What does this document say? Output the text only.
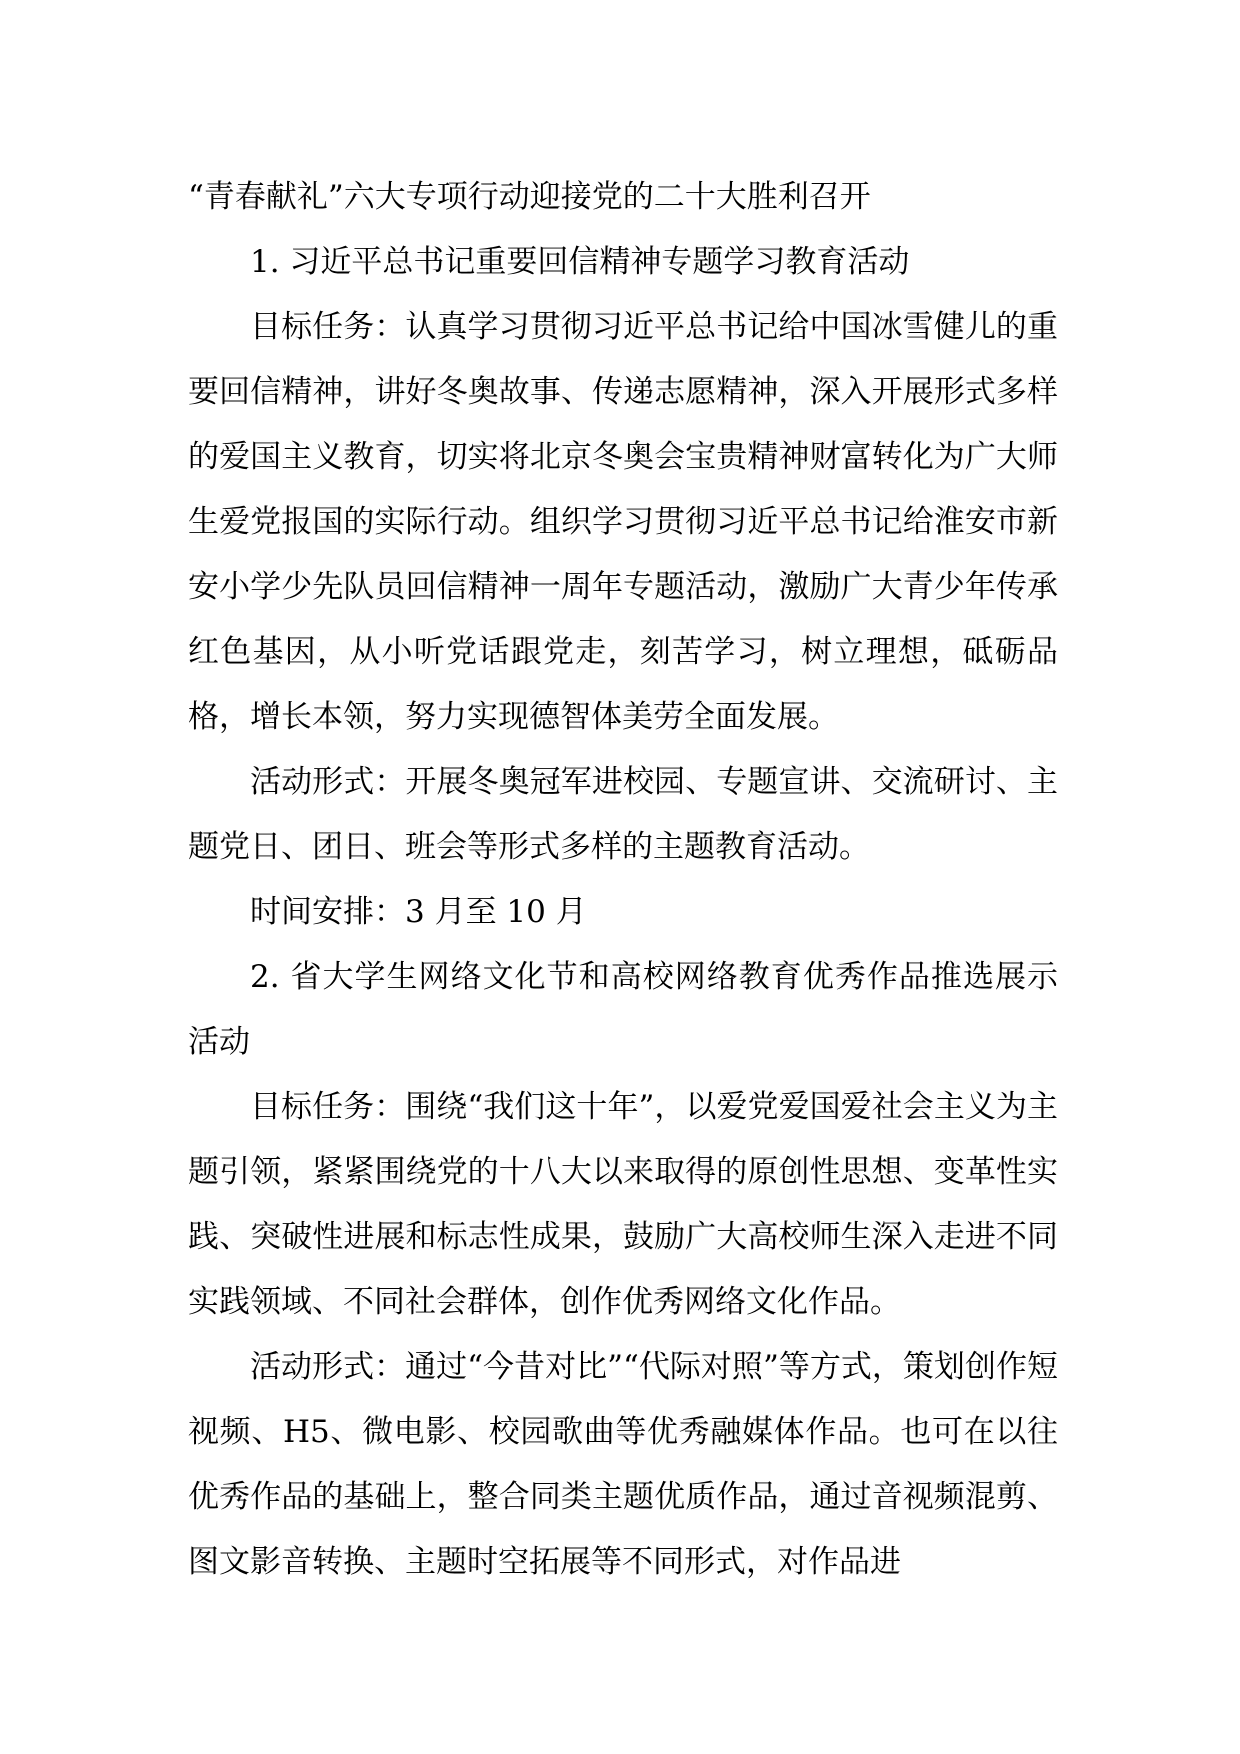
“青春献礼”六大专项行动迎接党的二十大胜利召开

1. 习近平总书记重要回信精神专题学习教育活动

目标任务：认真学习贯彻习近平总书记给中国冰雪健儿的重要回信精神，讲好冬奥故事、传递志愿精神，深入开展形式多样的爱国主义教育，切实将北京冬奥会宝贵精神财富转化为广大师生爱党报国的实际行动。组织学习贯彻习近平总书记给淮安市新安小学少先队员回信精神一周年专题活动，激励广大青少年传承红色基因，从小听党话跟党走，刻苦学习，树立理想，砥砺品格，增长本领，努力实现德智体美劳全面发展。

活动形式：开展冬奥冠军进校园、专题宣讲、交流研讨、主题党日、团日、班会等形式多样的主题教育活动。

时间安排：3 月至 10 月

2. 省大学生网络文化节和高校网络教育优秀作品推选展示活动

目标任务：围绕“我们这十年”，以爱党爱国爱社会主义为主题引领，紧紧围绕党的十八大以来取得的原创性思想、变革性实践、突破性进展和标志性成果，鼓励广大高校师生深入走进不同实践领域、不同社会群体，创作优秀网络文化作品。

活动形式：通过“今昔对比”“代际对照”等方式，策划创作短视频、H5、微电影、校园歌曲等优秀融媒体作品。也可在以往优秀作品的基础上，整合同类主题优质作品，通过音视频混剪、图文影音转换、主题时空拓展等不同形式，对作品进
